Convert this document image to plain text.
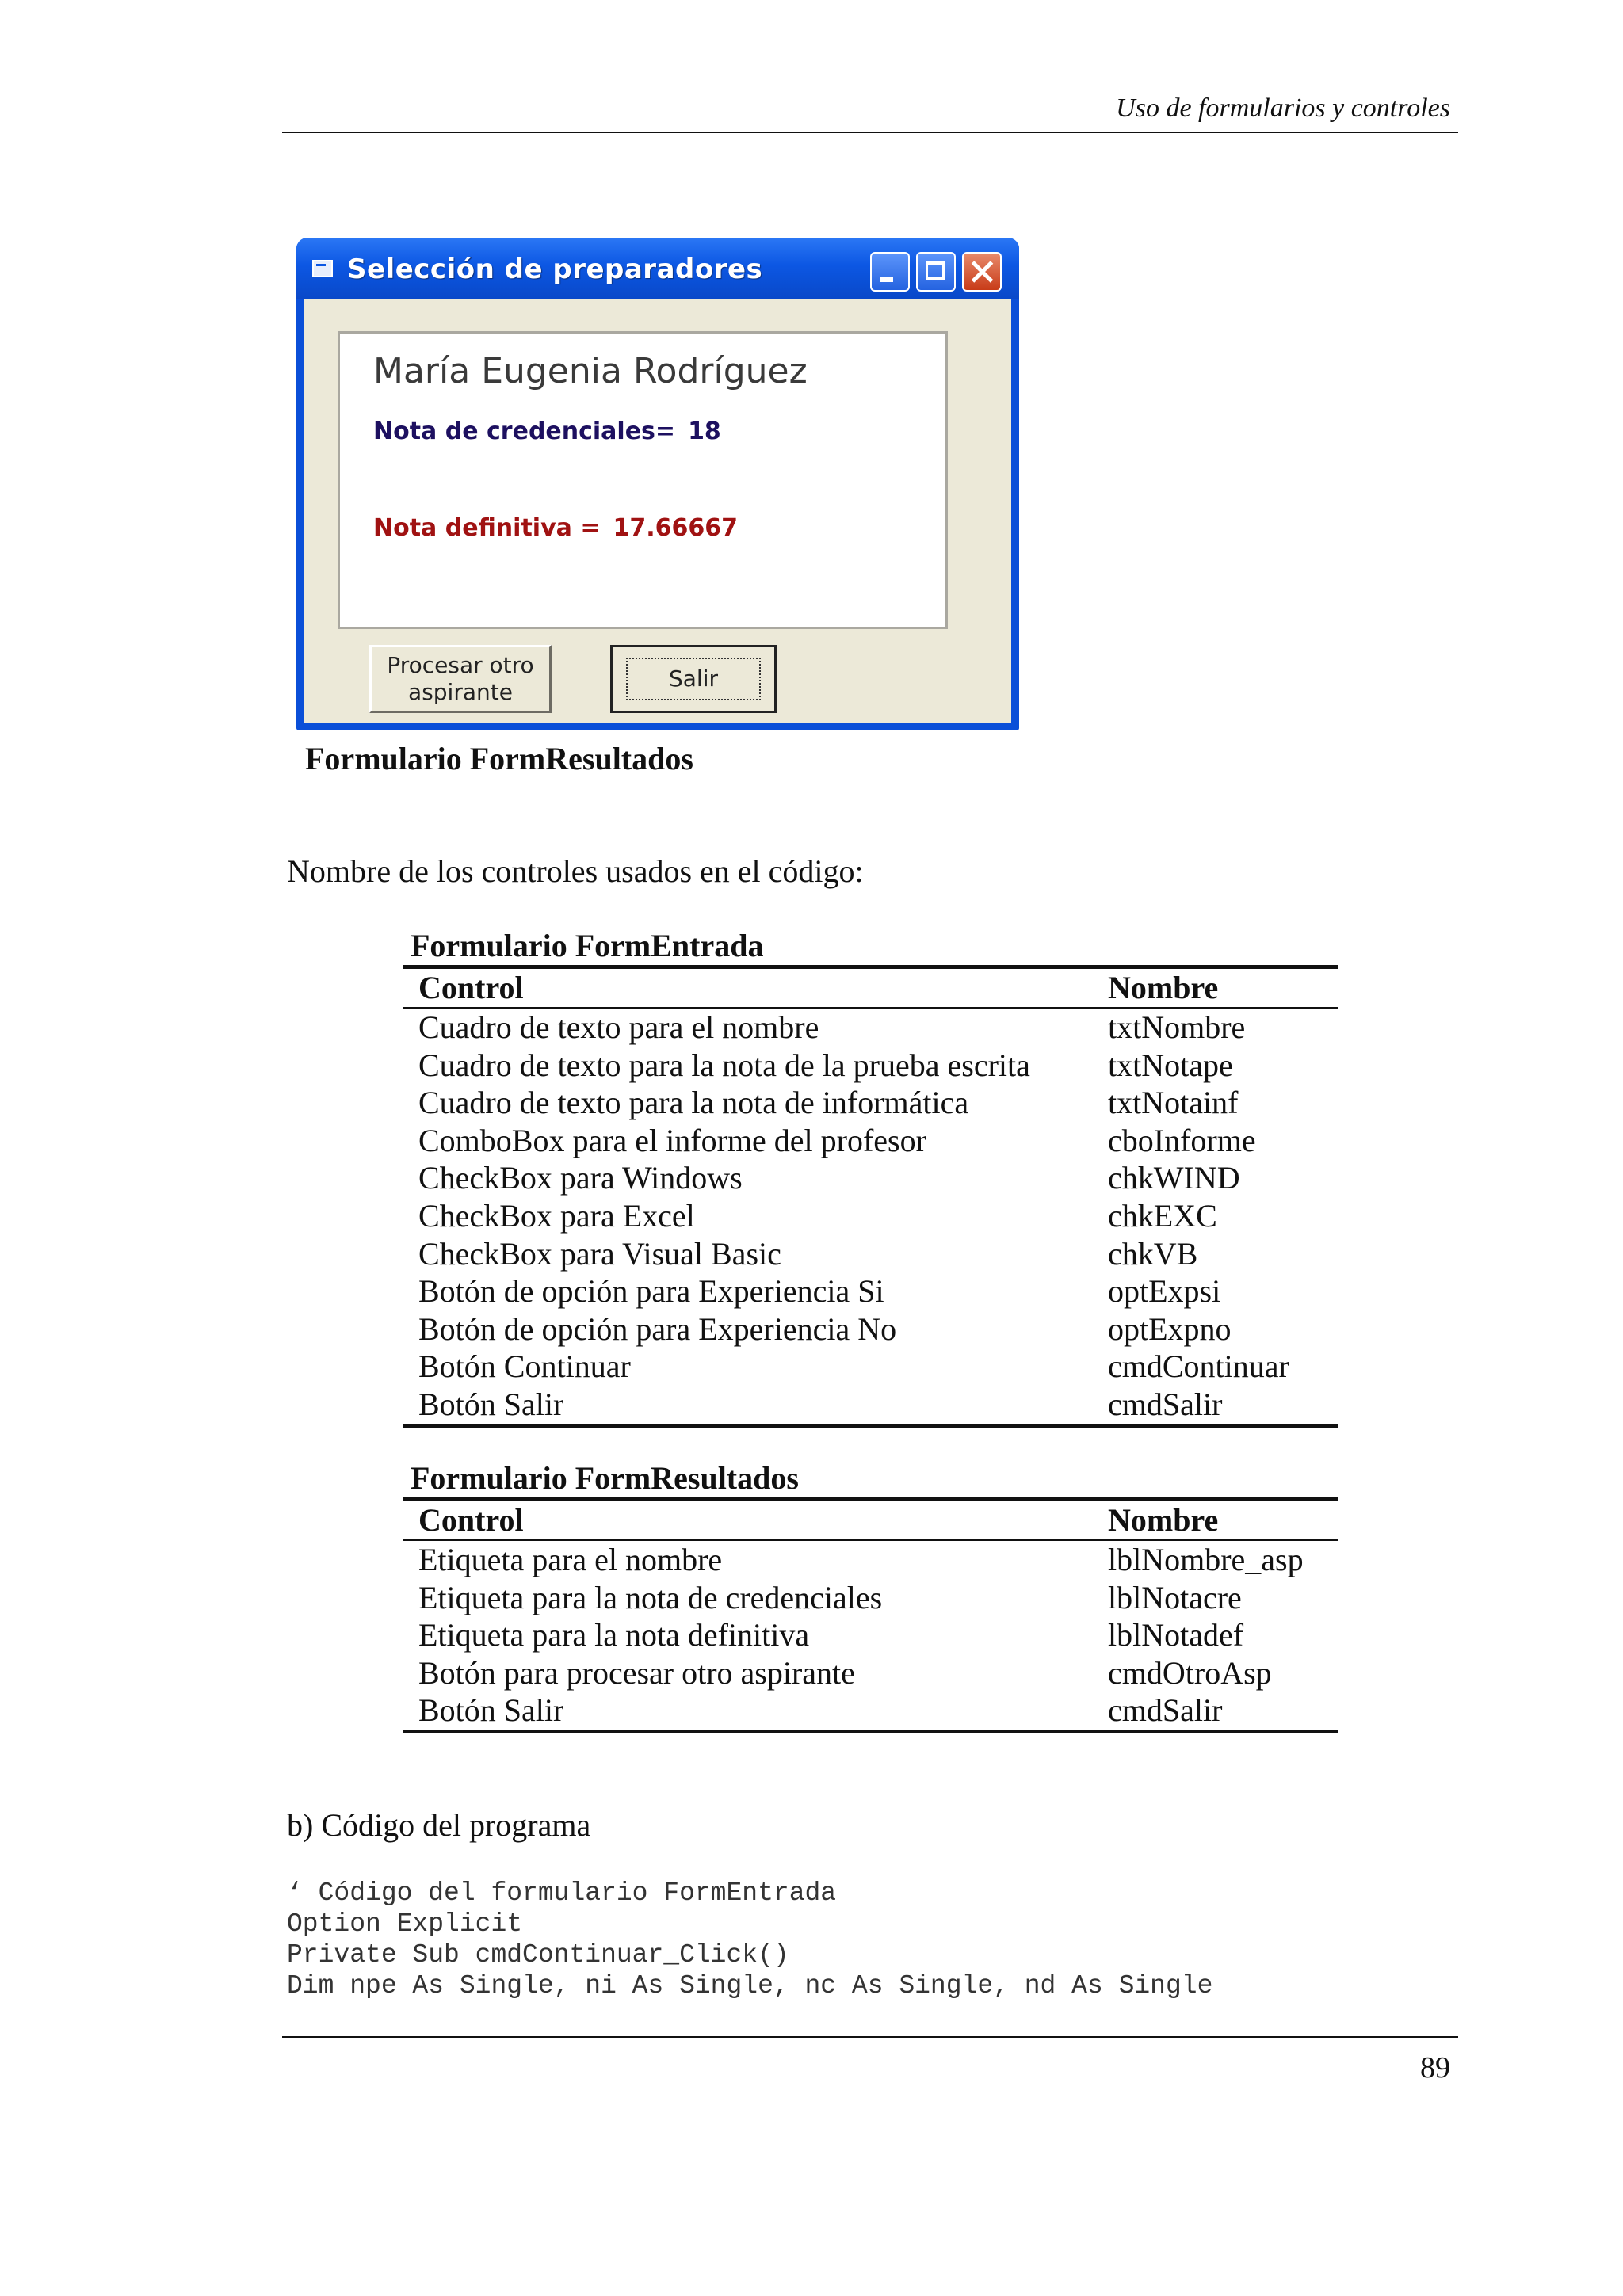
Uso de formularios y controles
Selección de preparadores
María Eugenia Rodríguez
Nota de credenciales= 18
Nota definitiva = 17.66667
Procesar otro aspirante
Salir
Formulario FormResultados
Nombre de los controles usados en el código:
Formulario FormEntrada
Control	Nombre
Cuadro de texto para el nombre	txtNombre
Cuadro de texto para la nota de la prueba escrita	txtNotape
Cuadro de texto para la nota de informática	txtNotainf
ComboBox para el informe del profesor	cboInforme
CheckBox para Windows	chkWIND
CheckBox para Excel	chkEXC
CheckBox para Visual Basic	chkVB
Botón de opción para Experiencia Si	optExpsi
Botón de opción para Experiencia No	optExpno
Botón Continuar	cmdContinuar
Botón Salir	cmdSalir
Formulario FormResultados
Control	Nombre
Etiqueta para el nombre	lblNombre_asp
Etiqueta para la nota de credenciales	lblNotacre
Etiqueta para la nota definitiva	lblNotadef
Botón para procesar otro aspirante	cmdOtroAsp
Botón Salir	cmdSalir
b) Código del programa
‘ Código del formulario FormEntrada
Option Explicit
Private Sub cmdContinuar_Click()
Dim npe As Single, ni As Single, nc As Single, nd As Single
89
